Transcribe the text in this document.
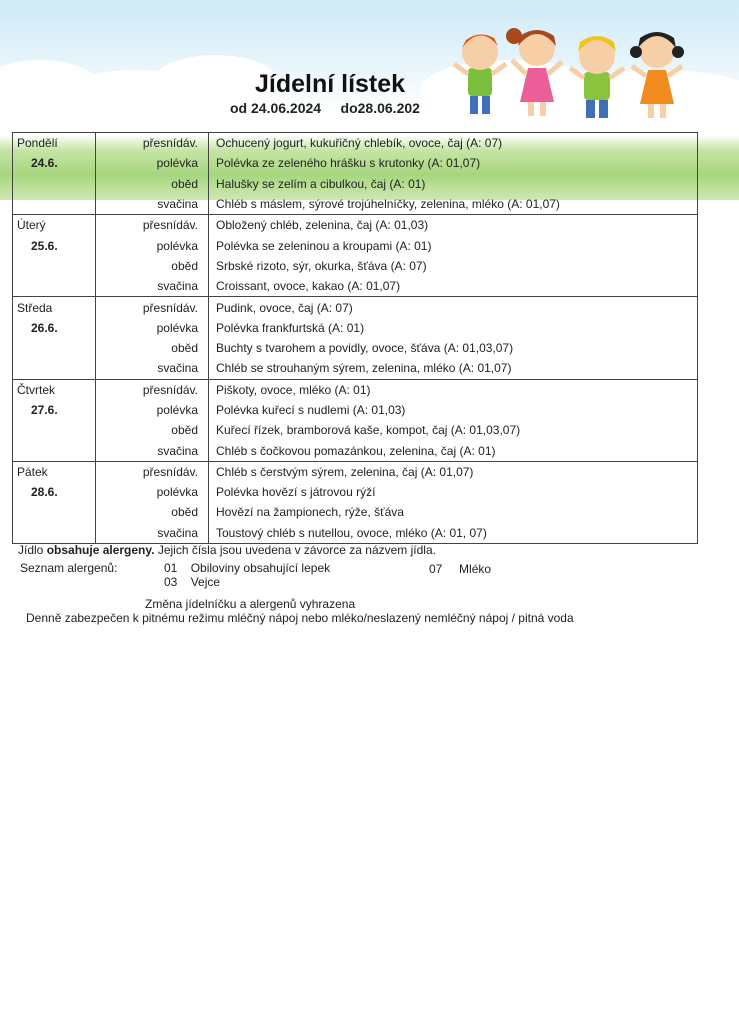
Jídelní lístek
od 24.06.2024 do28.06.202
Pondělí	přesnídáv.	Ochucený jogurt, kukuřičný chlebík, ovoce, čaj (A: 07)
24.6.	polévka	Polévka ze zeleného hrášku s krutonky (A: 01,07)
	oběd	Halušky se zelím a cibulkou, čaj (A: 01)
	svačina	Chléb s máslem, sýrové trojúhelníčky, zelenina, mléko (A: 01,07)
Úterý	přesnídáv.	Obložený chléb, zelenina, čaj (A: 01,03)
25.6.	polévka	Polévka se zeleninou a kroupami (A: 01)
	oběd	Srbské rizoto, sýr, okurka, šťáva (A: 07)
	svačina	Croissant, ovoce, kakao (A: 01,07)
Středa	přesnídáv.	Pudink, ovoce, čaj (A: 07)
26.6.	polévka	Polévka frankfurtská (A: 01)
	oběd	Buchty s tvarohem a povidly, ovoce, šťáva (A: 01,03,07)
	svačina	Chléb se strouhaným sýrem, zelenina, mléko (A: 01,07)
Čtvrtek	přesnídáv.	Piškoty, ovoce, mléko (A: 01)
27.6.	polévka	Polévka kuřecí s nudlemi (A: 01,03)
	oběd	Kuřecí řízek, bramborová kaše, kompot, čaj (A: 01,03,07)
	svačina	Chléb s čočkovou pomazánkou, zelenina, čaj (A: 01)
Pátek	přesnídáv.	Chléb s čerstvým sýrem, zelenina, čaj (A: 01,07)
28.6.	polévka	Polévka hovězí s játrovou rýží
	oběd	Hovězí na žampionech, rýže, šťáva
	svačina	Toustový chléb s nutellou, ovoce, mléko (A: 01, 07)
Jídlo obsahuje alergeny. Jejich čísla jsou uvedena v závorce za názvem jídla.
Seznam alergenů:	01 Obiloviny obsahující lepek	07 Mléko
03 Vejce
Změna jídelníčku a alergenů vyhrazena
Denně zabezpečen k pitnému režimu mléčný nápoj nebo mléko/neslazený nemléčný nápoj / pitná voda
